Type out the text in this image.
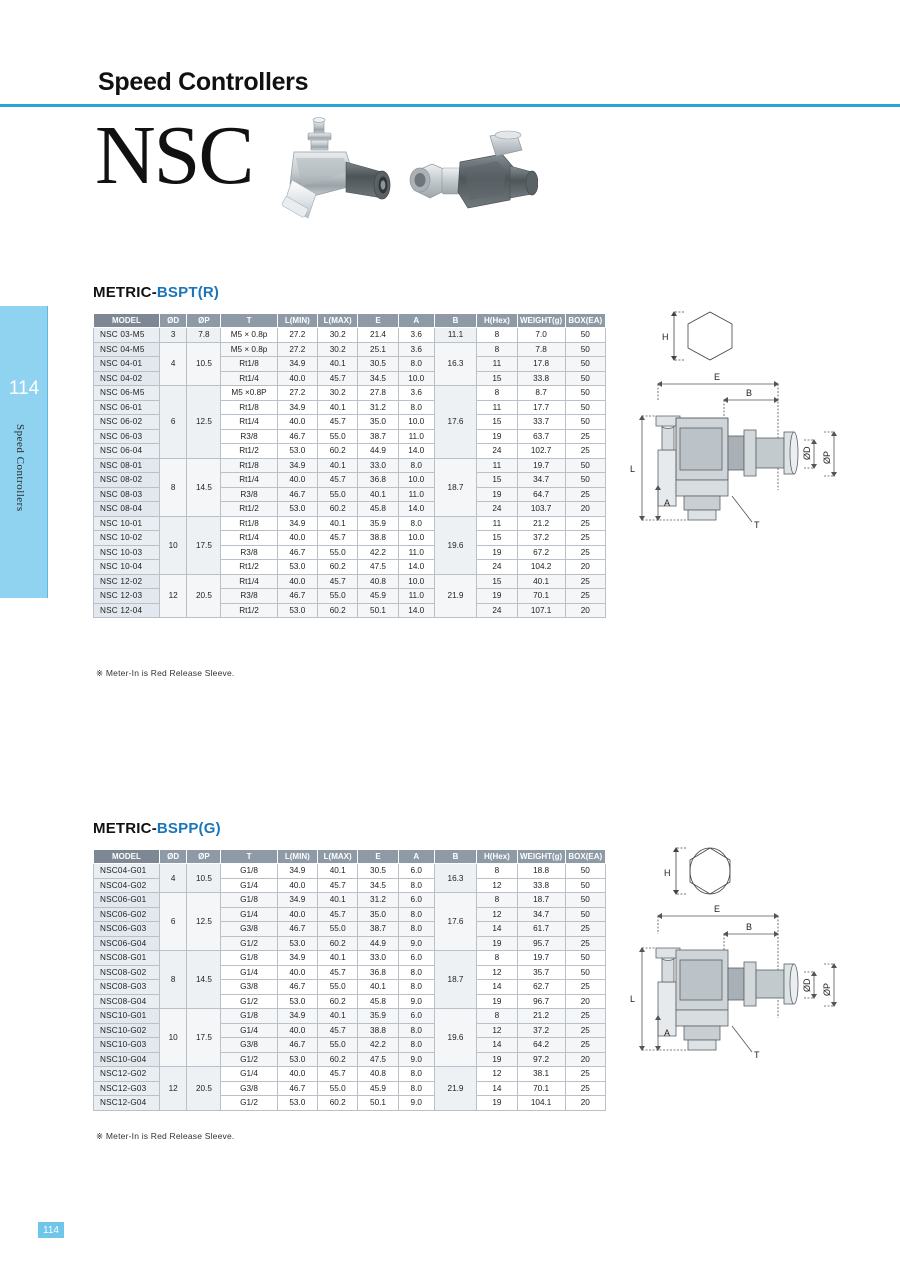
Speed Controllers
NSC
114
Speed Controllers
114
METRIC-BSPT(R)
MODEL	ØD	ØP	T	L(MIN)	L(MAX)	E	A	B	H(Hex)	WEIGHT(g)	BOX(EA)
NSC 03-M5	3	7.8	M5 × 0.8p	27.2	30.2	21.4	3.6	11.1	8	7.0	50
NSC 04-M5	4	10.5	M5 × 0.8p	27.2	30.2	25.1	3.6	16.3	8	7.8	50
NSC 04-01			Rt1/8	34.9	40.1	30.5	8.0		11	17.8	50
NSC 04-02			Rt1/4	40.0	45.7	34.5	10.0		15	33.8	50
NSC 06-M5	6	12.5	M5 ×0.8P	27.2	30.2	27.8	3.6	17.6	8	8.7	50
NSC 06-01			Rt1/8	34.9	40.1	31.2	8.0		11	17.7	50
NSC 06-02			Rt1/4	40.0	45.7	35.0	10.0		15	33.7	50
NSC 06-03			R3/8	46.7	55.0	38.7	11.0		19	63.7	25
NSC 06-04			Rt1/2	53.0	60.2	44.9	14.0		24	102.7	25
NSC 08-01	8	14.5	Rt1/8	34.9	40.1	33.0	8.0	18.7	11	19.7	50
NSC 08-02			Rt1/4	40.0	45.7	36.8	10.0		15	34.7	50
NSC 08-03			R3/8	46.7	55.0	40.1	11.0		19	64.7	25
NSC 08-04			Rt1/2	53.0	60.2	45.8	14.0		24	103.7	20
NSC 10-01	10	17.5	Rt1/8	34.9	40.1	35.9	8.0	19.6	11	21.2	25
NSC 10-02			Rt1/4	40.0	45.7	38.8	10.0		15	37.2	25
NSC 10-03			R3/8	46.7	55.0	42.2	11.0		19	67.2	25
NSC 10-04			Rt1/2	53.0	60.2	47.5	14.0		24	104.2	20
NSC 12-02	12	20.5	Rt1/4	40.0	45.7	40.8	10.0	21.9	15	40.1	25
NSC 12-03			R3/8	46.7	55.0	45.9	11.0		19	70.1	25
NSC 12-04			Rt1/2	53.0	60.2	50.1	14.0		24	107.1	20
※ Meter-In is Red Release Sleeve.
H
E
B
L
A
T
ØD ØP
METRIC-BSPP(G)
MODEL	ØD	ØP	T	L(MIN)	L(MAX)	E	A	B	H(Hex)	WEIGHT(g)	BOX(EA)
NSC04-G01	4	10.5	G1/8	34.9	40.1	30.5	6.0	16.3	8	18.8	50
NSC04-G02			G1/4	40.0	45.7	34.5	8.0		12	33.8	50
NSC06-G01	6	12.5	G1/8	34.9	40.1	31.2	6.0	17.6	8	18.7	50
NSC06-G02			G1/4	40.0	45.7	35.0	8.0		12	34.7	50
NSC06-G03			G3/8	46.7	55.0	38.7	8.0		14	61.7	25
NSC06-G04			G1/2	53.0	60.2	44.9	9.0		19	95.7	25
NSC08-G01	8	14.5	G1/8	34.9	40.1	33.0	6.0	18.7	8	19.7	50
NSC08-G02			G1/4	40.0	45.7	36.8	8.0		12	35.7	50
NSC08-G03			G3/8	46.7	55.0	40.1	8.0		14	62.7	25
NSC08-G04			G1/2	53.0	60.2	45.8	9.0		19	96.7	20
NSC10-G01	10	17.5	G1/8	34.9	40.1	35.9	6.0	19.6	8	21.2	25
NSC10-G02			G1/4	40.0	45.7	38.8	8.0		12	37.2	25
NSC10-G03			G3/8	46.7	55.0	42.2	8.0		14	64.2	25
NSC10-G04			G1/2	53.0	60.2	47.5	9.0		19	97.2	20
NSC12-G02	12	20.5	G1/4	40.0	45.7	40.8	8.0	21.9	12	38.1	25
NSC12-G03			G3/8	46.7	55.0	45.9	8.0		14	70.1	25
NSC12-G04			G1/2	53.0	60.2	50.1	9.0		19	104.1	20
※ Meter-In is Red Release Sleeve.
H
E
B
L
A
T
ØD ØP
